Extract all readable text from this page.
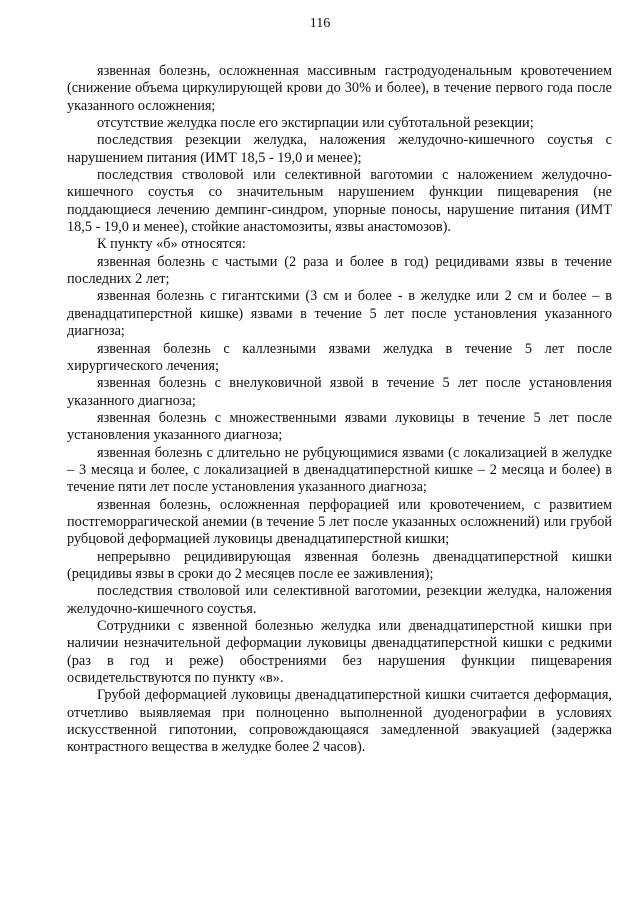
116

язвенная болезнь, осложненная массивным гастродуоденальным кровотечением (снижение объема циркулирующей крови до 30% и более), в течение первого года после указанного осложнения;

отсутствие желудка после его экстирпации или субтотальной резекции;

последствия резекции желудка, наложения желудочно-кишечного соустья с нарушением питания (ИМТ 18,5 - 19,0 и менее);

последствия стволовой или селективной ваготомии с наложением желудочно-кишечного соустья со значительным нарушением функции пищеварения (не поддающиеся лечению демпинг-синдром, упорные поносы, нарушение питания (ИМТ 18,5 - 19,0 и менее), стойкие анастомозиты, язвы анастомозов).

К пункту «б» относятся:

язвенная болезнь с частыми (2 раза и более в год) рецидивами язвы в течение последних 2 лет;

язвенная болезнь с гигантскими (3 см и более - в желудке или 2 см и более – в двенадцатиперстной кишке) язвами в течение 5 лет после установления указанного диагноза;

язвенная болезнь с каллезными язвами желудка в течение 5 лет после хирургического лечения;

язвенная болезнь с внелуковичной язвой в течение 5 лет после установления указанного диагноза;

язвенная болезнь с множественными язвами луковицы в течение 5 лет после установления указанного диагноза;

язвенная болезнь с длительно не рубцующимися язвами (с локализацией в желудке – 3 месяца и более, с локализацией в двенадцатиперстной кишке – 2 месяца и более) в течение пяти лет после установления указанного диагноза;

язвенная болезнь, осложненная перфорацией или кровотечением, с развитием постгеморрагической анемии (в течение 5 лет после указанных осложнений) или грубой рубцовой деформацией луковицы двенадцатиперстной кишки;

непрерывно рецидивирующая язвенная болезнь двенадцатиперстной кишки (рецидивы язвы в сроки до 2 месяцев после ее заживления);

последствия стволовой или селективной ваготомии, резекции желудка, наложения желудочно-кишечного соустья.

Сотрудники с язвенной болезнью желудка или двенадцатиперстной кишки при наличии незначительной деформации луковицы двенадцатиперстной кишки с редкими (раз в год и реже) обострениями без нарушения функции пищеварения освидетельствуются по пункту «в».

Грубой деформацией луковицы двенадцатиперстной кишки считается деформация, отчетливо выявляемая при полноценно выполненной дуоденографии в условиях искусственной гипотонии, сопровождающаяся замедленной эвакуацией (задержка контрастного вещества в желудке более 2 часов).
